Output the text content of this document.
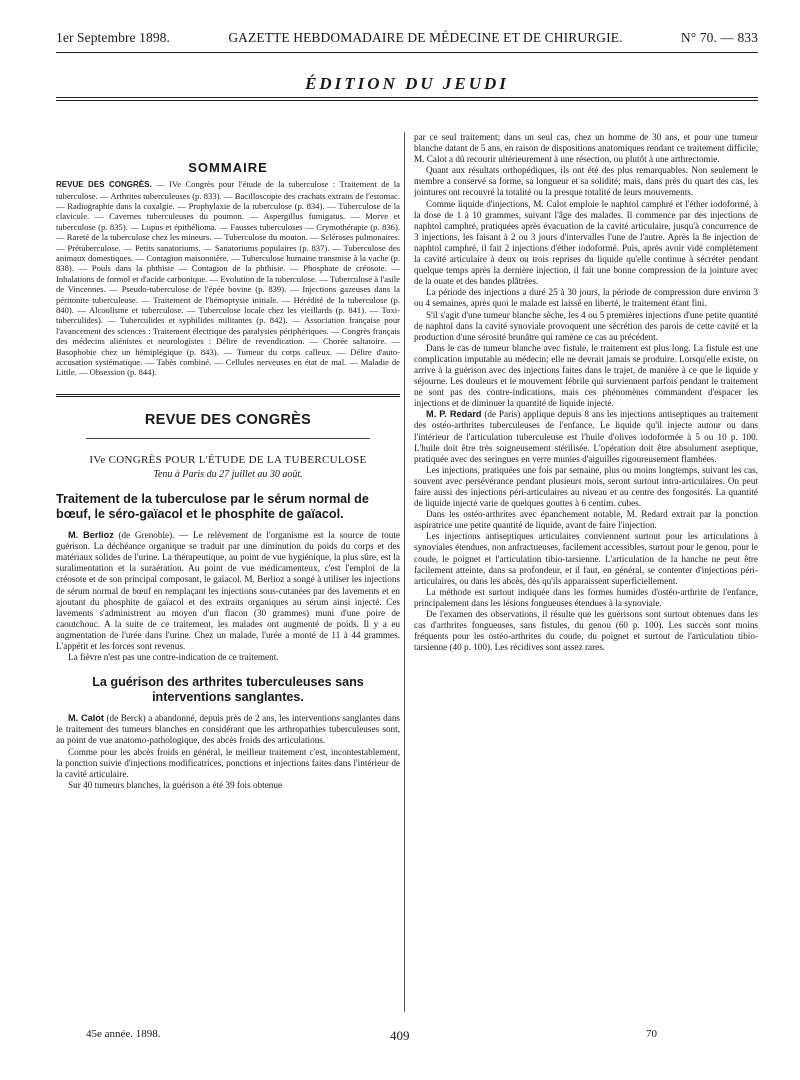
1er Septembre 1898.	GAZETTE HEBDOMADAIRE DE MÉDECINE ET DE CHIRURGIE.	N° 70. — 833
ÉDITION DU JEUDI
SOMMAIRE

REVUE DES CONGRÈS. — IVe Congrès pour l'étude de la tuberculose : Traitement de la tuberculose. — Arthrites tuberculeuses (p. 833). — Bacilloscopie des crachats extraits de l'estomac. — Radiographie dans la coxalgie. — Prophylaxie de la tuberculose (p. 834). — Tuberculose de la clavicule. — Cavernes tuberculeuses du poumon. — Aspergillus fumigatus. — Morve et tuberculose (p. 835). — Lupus et épithélioma. — Fausses tuberculoses — Crymothérapie (p. 836). — Rareté de la tuberculose chez les mineurs. — Tuberculose du mouton. — Scléroses pulmonaires. — Prétuberculose. — Petits sanatoriums. — Sanatoriums populaires (p. 837). — Tuberculose des animaux domestiques. — Contagion maisonnière. — Tuberculose humaine transmise à la vache (p. 838). — Pouls dans la phthisie — Contagion de la phthisie. — Phosphate de créosote. — Inhalations de formol et d'acide carbonique. — Evolution de la tuberculose. — Tuberculose à l'asile de Vincennes. — Pseudo-tuberculose de l'épée bovine (p. 839). — Injections gazeuses dans la péritonite tuberculeuse. — Traitement de l'hémoptysie initiale. — Hérédité de la tuberculose (p. 840). — Alcoolisme et tuberculose. — Tuberculose locale chez les vieillards (p. 841). — Toxi-tuberculides). — Tuberculides et syphilides militantes (p. 842). — Association française pour l'avancement des sciences : Traitement électrique des paralysies périphériques. — Congrès français des médecins aliénistes et neurologistes : Délire de revendication. — Chorée saltatoire. — Basophobie chez un hémiplégique (p. 843). — Tumeur du corps calleux. — Délire d'auto-accusation systématique. — Tabès combiné. — Cellules nerveuses en état de mal. — Maladie de Little. — Obsession (p. 844).

REVUE DES CONGRÈS
IVe CONGRÈS POUR L'ÉTUDE DE LA TUBERCULOSE
Tenu à Paris du 27 juillet au 30 août.
Traitement de la tuberculose par le sérum normal de bœuf, le séro-gaïacol et le phosphite de gaïacol.

M. Berlioz (de Grenoble). — Le relèvement de l'organisme est la source de toute guérison. La déchéance organique se traduit par une diminution du poids du corps et des matériaux solides de l'urine. La thérapeutique, au point de vue hygiénique, la plus sûre, est la suralimentation et la suraération. Au point de vue médicamenteux, c'est l'emploi de la créosote et de son principal composant, le gaïacol. M. Berlioz a songé à utiliser les injections de sérum normal de bœuf en remplaçant les injections sous-cutanées par des lavements et en ajoutant du phosphite de gaïacol et des extraits organiques au sérum ainsi injecté. Ces lavements s'administrent au moyen d'un flacon (30 grammes) muni d'une poire de caoutchouc. A la suite de ce traitement, les malades ont augmenté de poids. Il y a eu augmentation de l'urée dans l'urine. Chez un malade, l'urée a monté de 11 à 44 grammes. L'appétit et les forces sont revenus.

La fièvre n'est pas une contre-indication de ce traitement.

La guérison des arthrites tuberculeuses sans interventions sanglantes.

M. Calot (de Berck) a abandonné, depuis près de 2 ans, les interventions sanglantes dans le traitement des tumeurs blanches en considérant que les arthropathies tuberculeuses sont, au point de vue anatomo-pathologique, des abcès froids des articulations.

Comme pour les abcès froids en général, le meilleur traitement c'est, incontestablement, la ponction suivie d'injections modificatrices, ponctions et injections faites dans l'intérieur de la cavité articulaire.

Sur 40 tumeurs blanches, la guérison a été 39 fois obtenue

par ce seul traitement; dans un seul cas, chez un homme de 30 ans, et pour une tumeur blanche datant de 5 ans, en raison de dispositions anatomiques rendant ce traitement difficile, M. Calot a dû recourir ultérieurement à une résection, ou plutôt à une arthrectomie.

Quant aux résultats orthopédiques, ils ont été des plus remarquables. Non seulement le membre a conservé sa forme, sa longueur et sa solidité; mais, dans près du quart des cas, les jointures ont recouvré la totalité ou la presque totalité de leurs mouvements.

Comme liquide d'injections, M. Calot emploie le naphtol camphré et l'éther iodoformé, à la dose de 1 à 10 grammes, suivant l'âge des malades. Il commence par des injections de naphtol camphré, pratiquées après évacuation de la cavité articulaire, jusqu'à concurrence de 3 injections, les faisant à 2 ou 3 jours d'intervalles l'une de l'autre. Après la 8e injection de naphtol camphré, il fait 2 injections d'éther iodoformé. Puis, après avoir vidé complètement la cavité articulaire à deux ou trois reprises du liquide qu'elle continue à sécréter pendant quelque temps après la dernière injection, il fait une bonne compression de la jointure avec de la ouate et des bandes plâtrées.

La période des injections a duré 25 à 30 jours, la période de compression dure environ 3 ou 4 semaines, après quoi le malade est laissé en liberté, le traitement étant fini.

S'il s'agit d'une tumeur blanche sèche, les 4 ou 5 premières injections d'une petite quantité de naphtol dans la cavité synoviale provoquent une sécrétion des parois de cette cavité et la production d'une sérosité brunâtre qui ramène ce cas au précédent.

Dans le cas de tumeur blanche avec fistule, le traitement est plus long. La fistule est une complication imputable au médecin; elle ne devrait jamais se produire. Lorsqu'elle existe, on arrive à la guérison avec des injections faites dans le trajet, de manière à ce que le liquide y séjourne. Les douleurs et le mouvement fébrile qui surviennent parfois pendant le traitement ne sont pas des contre-indications, mais ces phénomènes commandent d'espacer les injections et de diminuer la quantité de liquide injecté.

M. P. Redard (de Paris) applique depuis 8 ans les injections antiseptiques au traitement des ostéo-arthrites tuberculeuses de l'enfance. Le liquide qu'il injecte autour ou dans l'intérieur de l'articulation tuberculeuse est l'huile d'olives iodoformée à 5 ou 10 p. 100. L'huile doit être très soigneusement stérilisée. L'opération doit être absolument aseptique, pratiquée avec des seringues en verre munies d'aiguilles rigoureusement flambées.

Les injections, pratiquées une fois par semaine, plus ou moins longtemps, suivant les cas, souvent avec persévérance pendant plusieurs mois, seront surtout intra-articulaires. On peut faire aussi des injections péri-articulaires au niveau et au centre des fongosités. La quantité de liquide injecté varie de quelques gouttes à 6 centim. cubes.

Dans les ostéo-arthrites avec épanchement notable, M. Redard extrait par la ponction aspiratrice une petite quantité de liquide, avant de faire l'injection.

Les injections antiseptiques articulaires conviennent surtout pour les articulations à synoviales étendues, non anfractueuses, facilement accessibles, surtout pour le genou, pour le coude, le poignet et l'articulation tibio-tarsienne. L'articulation de la hanche ne peut être facilement atteinte, dans sa profondeur, et il faut, en général, se contenter d'injections péri-articulaires, ou dans les abcès, dès qu'ils apparaissent superficiellement.

La méthode est surtout indiquée dans les formes humides d'ostéo-arthrite de l'enfance, principalement dans les lésions fongueuses étendues à la synoviale.

De l'examen des observations, il résulte que les guérisons sont surtout obtenues dans les cas d'arthrites fongueuses, sans fistules, du genou (60 p. 100). Les succès sont moins fréquents pour les ostéo-arthrites du coude, du poignet et surtout de l'articulation tibio-tarsienne (40 p. 100). Les récidives sont assez rares.

45e année. 1898.	409	70
